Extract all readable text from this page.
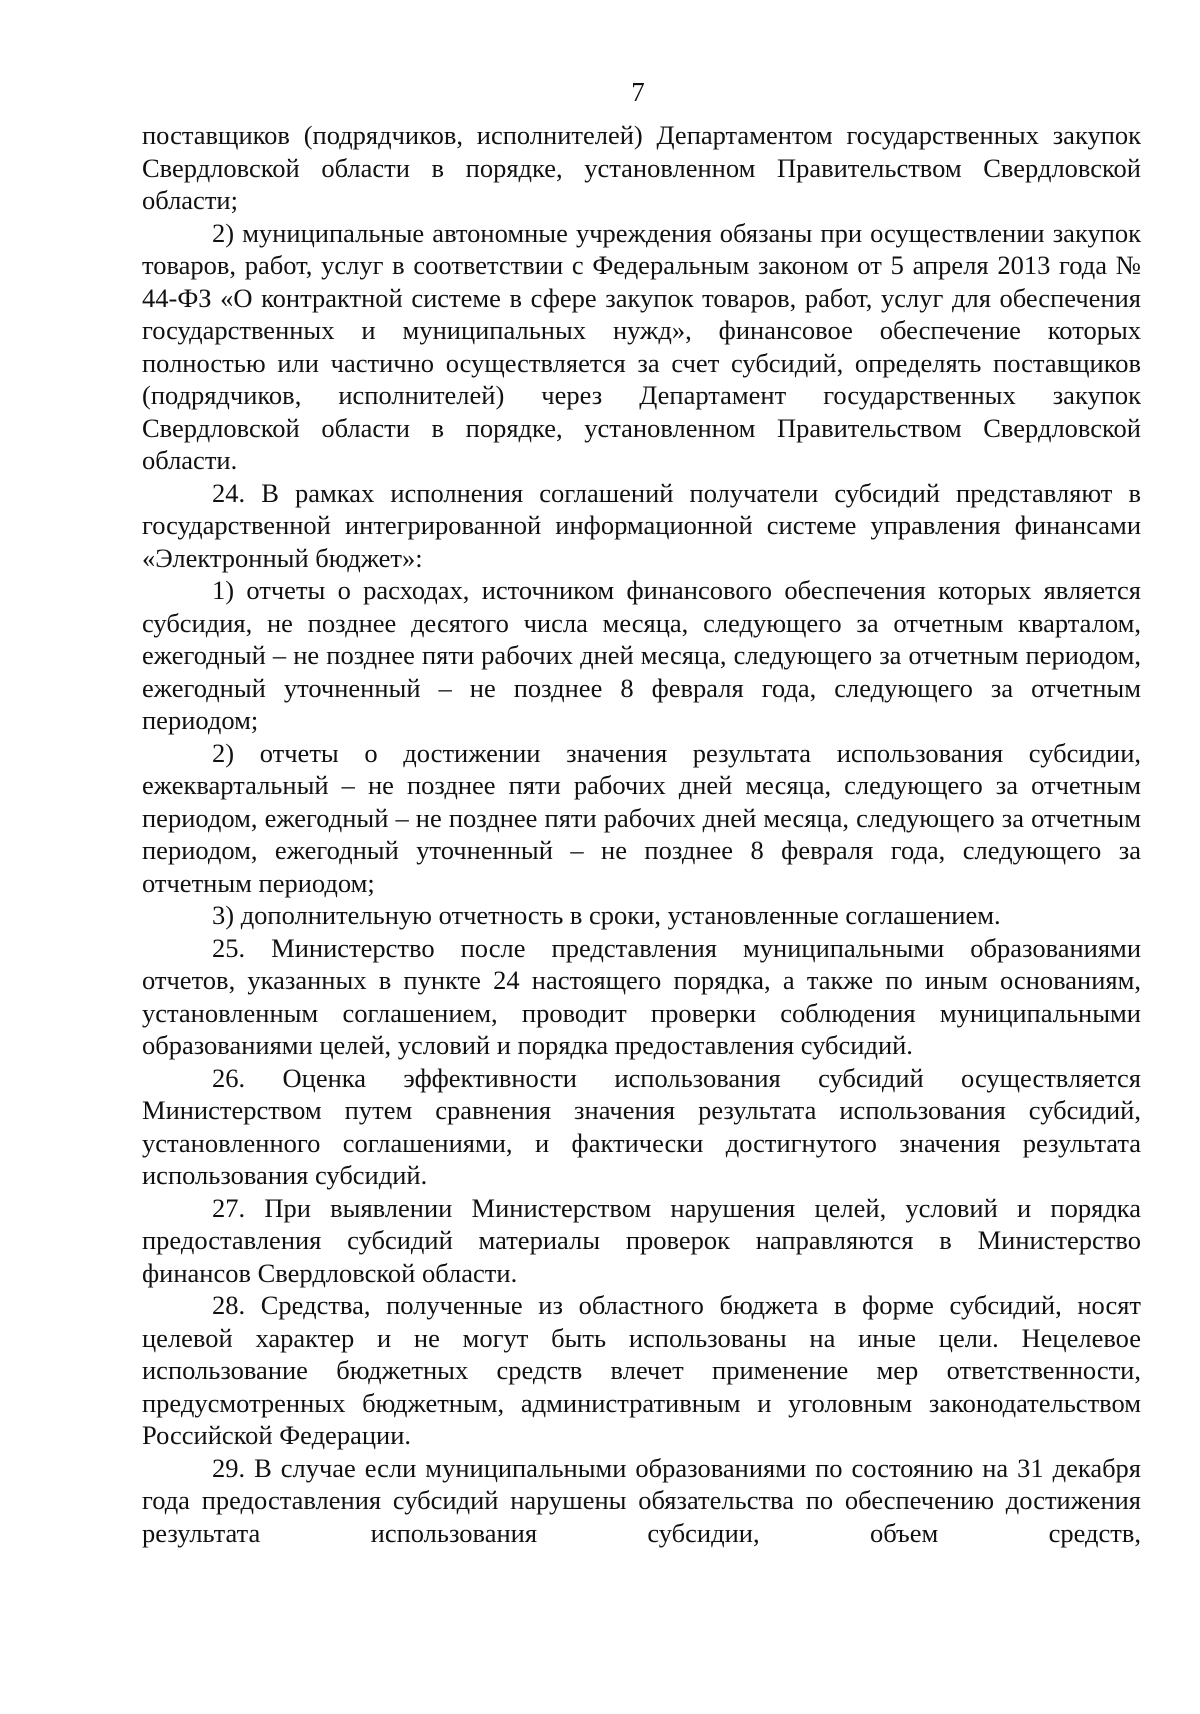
7

поставщиков (подрядчиков, исполнителей) Департаментом государственных закупок Свердловской области в порядке, установленном Правительством Свердловской области;

2) муниципальные автономные учреждения обязаны при осуществлении закупок товаров, работ, услуг в соответствии с Федеральным законом от 5 апреля 2013 года № 44-ФЗ «О контрактной системе в сфере закупок товаров, работ, услуг для обеспечения государственных и муниципальных нужд», финансовое обеспечение которых полностью или частично осуществляется за счет субсидий, определять поставщиков (подрядчиков, исполнителей) через Департамент государственных закупок Свердловской области в порядке, установленном Правительством Свердловской области.

24. В рамках исполнения соглашений получатели субсидий представляют в государственной интегрированной информационной системе управления финансами «Электронный бюджет»:

1) отчеты о расходах, источником финансового обеспечения которых является субсидия, не позднее десятого числа месяца, следующего за отчетным кварталом, ежегодный – не позднее пяти рабочих дней месяца, следующего за отчетным периодом, ежегодный уточненный – не позднее 8 февраля года, следующего за отчетным периодом;

2) отчеты о достижении значения результата использования субсидии, ежеквартальный – не позднее пяти рабочих дней месяца, следующего за отчетным периодом, ежегодный – не позднее пяти рабочих дней месяца, следующего за отчетным периодом, ежегодный уточненный – не позднее 8 февраля года, следующего за отчетным периодом;

3) дополнительную отчетность в сроки, установленные соглашением.

25. Министерство после представления муниципальными образованиями отчетов, указанных в пункте 24 настоящего порядка, а также по иным основаниям, установленным соглашением, проводит проверки соблюдения муниципальными образованиями целей, условий и порядка предоставления субсидий.

26. Оценка эффективности использования субсидий осуществляется Министерством путем сравнения значения результата использования субсидий, установленного соглашениями, и фактически достигнутого значения результата использования субсидий.

27. При выявлении Министерством нарушения целей, условий и порядка предоставления субсидий материалы проверок направляются в Министерство финансов Свердловской области.

28. Средства, полученные из областного бюджета в форме субсидий, носят целевой характер и не могут быть использованы на иные цели. Нецелевое использование бюджетных средств влечет применение мер ответственности, предусмотренных бюджетным, административным и уголовным законодательством Российской Федерации.

29. В случае если муниципальными образованиями по состоянию на 31 декабря года предоставления субсидий нарушены обязательства по обеспечению достижения результата использования субсидии, объем средств,
